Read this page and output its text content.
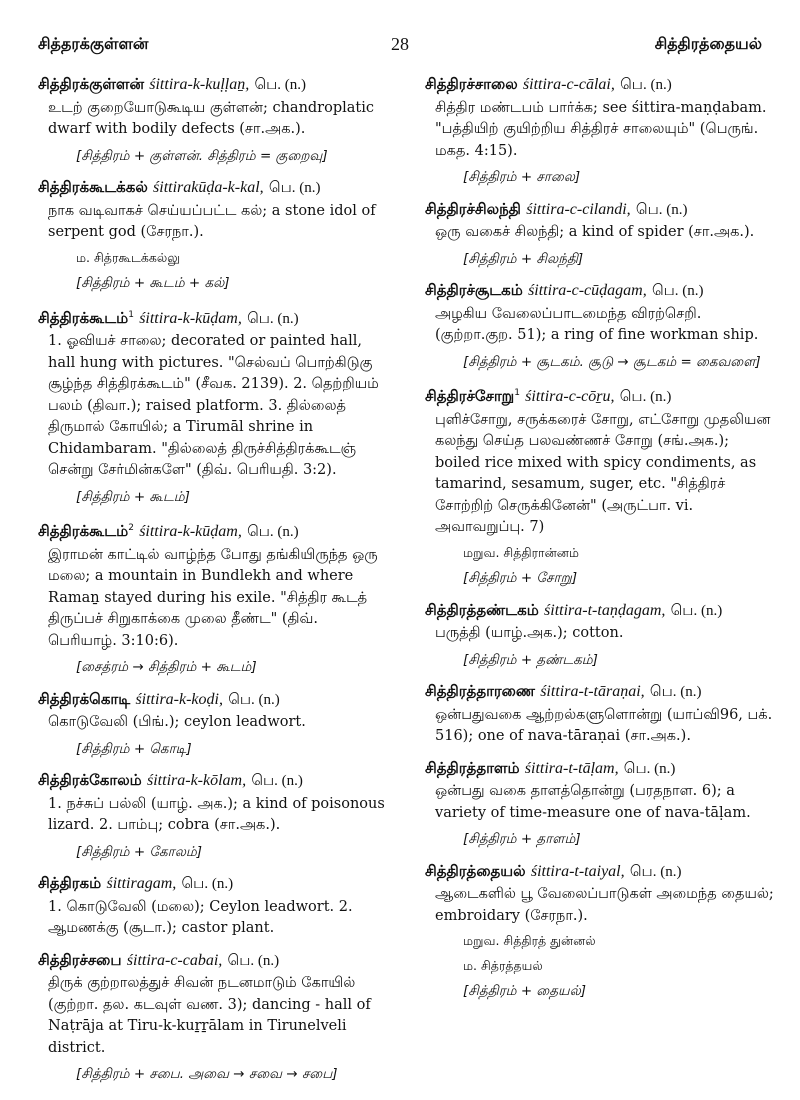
சித்தரக்குள்ளன்	28	சித்திரத்தையல்
சித்திரக்குள்ளன் śittira-k-kuḷḷaṉ, பெ. (n.)
உடற் குறையோடுகூடிய குள்ளன்; chandroplatic dwarf with bodily defects (சா.அக.).
[சித்திரம் + குள்ளன். சித்திரம் = குறைவு]
சித்திரக்கூடக்கல் śittirakūḍa-k-kal, பெ. (n.)
நாக வடிவாகச் செய்யப்பட்ட கல்; a stone idol of serpent god (சேரநா.).
ம. சித்ரகூடக்கல்லு
[சித்திரம் + கூடம் + கல்]
சித்திரக்கூடம்$^1$ śittira-k-kūḍam, பெ. (n.)
1. ஓவியச் சாலை; decorated or painted hall, hall hung with pictures. "செல்வப் பொற்கிடுகு சூழ்ந்த சித்திரக்கூடம்" (சீவக. 2139). 2. தெற்றியம் பலம் (திவா.); raised platform. 3. தில்லைத் திருமால் கோயில்; a Tirumāl shrine in Chidambaram. "தில்லைத் திருச்சித்திரக்கூடஞ் சென்று சேர்மின்களே" (திவ். பெரியதி. 3:2).
[சித்திரம் + கூடம்]
சித்திரக்கூடம்$^2$ śittira-k-kūḍam, பெ. (n.)
இராமன் காட்டில் வாழ்ந்த போது தங்கியிருந்த ஒரு மலை; a mountain in Bundlekh and where Ramaṉ stayed during his exile. "சித்திர கூடத் திருப்பச் சிறுகாக்கை முலை தீண்ட" (திவ். பெரியாழ். 3:10:6).
[சைத்ரம் → சித்திரம் + கூடம்]
சித்திரக்கொடி śittira-k-koḍi, பெ. (n.)
கொடுவேலி (பிங்.); ceylon leadwort.
[சித்திரம் + கொடி]
சித்திரக்கோலம் śittira-k-kōlam, பெ. (n.)
1. நச்சுப் பல்லி (யாழ். அக.); a kind of poisonous lizard. 2. பாம்பு; cobra (சா.அக.).
[சித்திரம் + கோலம்]
சித்திரகம் śittiragam, பெ. (n.)
1. கொடுவேலி (மலை); Ceylon leadwort. 2. ஆமணக்கு (சூடா.); castor plant.
சித்திரச்சபை śittira-c-cabai, பெ. (n.)
திருக் குற்றாலத்துச் சிவன் நடனமாடும் கோயில் (குற்றா. தல. கடவுள் வண. 3); dancing - hall of Naṭrāja at Tiru-k-kuṟṟālam in Tirunelveli district.
[சித்திரம் + சபை. அவை → சவை → சபை]
சித்திரச்சாலை śittira-c-cālai, பெ. (n.)
சித்திர மண்டபம் பார்க்க; see śittira-maṇḍabam. "பத்தியிற் குயிற்றிய சித்திரச் சாலையும்" (பெருங். மகத. 4:15).
[சித்திரம் + சாலை]
சித்திரச்சிலந்தி śittira-c-cilandi, பெ. (n.)
ஒரு வகைச் சிலந்தி; a kind of spider (சா.அக.).
[சித்திரம் + சிலந்தி]
சித்திரச்சூடகம் śittira-c-cūḍagam, பெ. (n.)
அழகிய வேலைப்பாடமைந்த விரற்செறி. (குற்றா.குற. 51); a ring of fine workman ship.
[சித்திரம் + சூடகம். சூடு → சூடகம் = கைவளை]
சித்திரச்சோறு$^1$ śittira-c-cōṟu, பெ. (n.)
புளிச்சோறு, சருக்கரைச் சோறு, எட்சோறு முதலியன கலந்து செய்த பலவண்ணச் சோறு (சங்.அக.); boiled rice mixed with spicy condiments, as tamarind, sesamum, suger, etc. "சித்திரச் சோற்றிற் செருக்கினேன்" (அருட்பா. vi. அவாவறுப்பு. 7)
மறுவ. சித்திரான்னம்
[சித்திரம் + சோறு]
சித்திரத்தண்டகம் śittira-t-taṇḍagam, பெ. (n.)
பருத்தி (யாழ்.அக.); cotton.
[சித்திரம் + தண்டகம்]
சித்திரத்தாரணை śittira-t-tāraṇai, பெ. (n.)
ஒன்பதுவகை ஆற்றல்களுளொன்று (யாப்வி96, பக். 516); one of nava-tāraṇai (சா.அக.).
சித்திரத்தாளம் śittira-t-tāḷam, பெ. (n.)
ஒன்பது வகை தாளத்தொன்று (பரதநாள. 6); a variety of time-measure one of nava-tāḷam.
[சித்திரம் + தாளம்]
சித்திரத்தையல் śittira-t-taiyal, பெ. (n.)
ஆடைகளில் பூ வேலைப்பாடுகள் அமைந்த தையல்; embroidary (சேரநா.).
மறுவ. சித்திரத் துன்னல்
ம. சித்ரத்தயல்
[சித்திரம் + தையல்]
